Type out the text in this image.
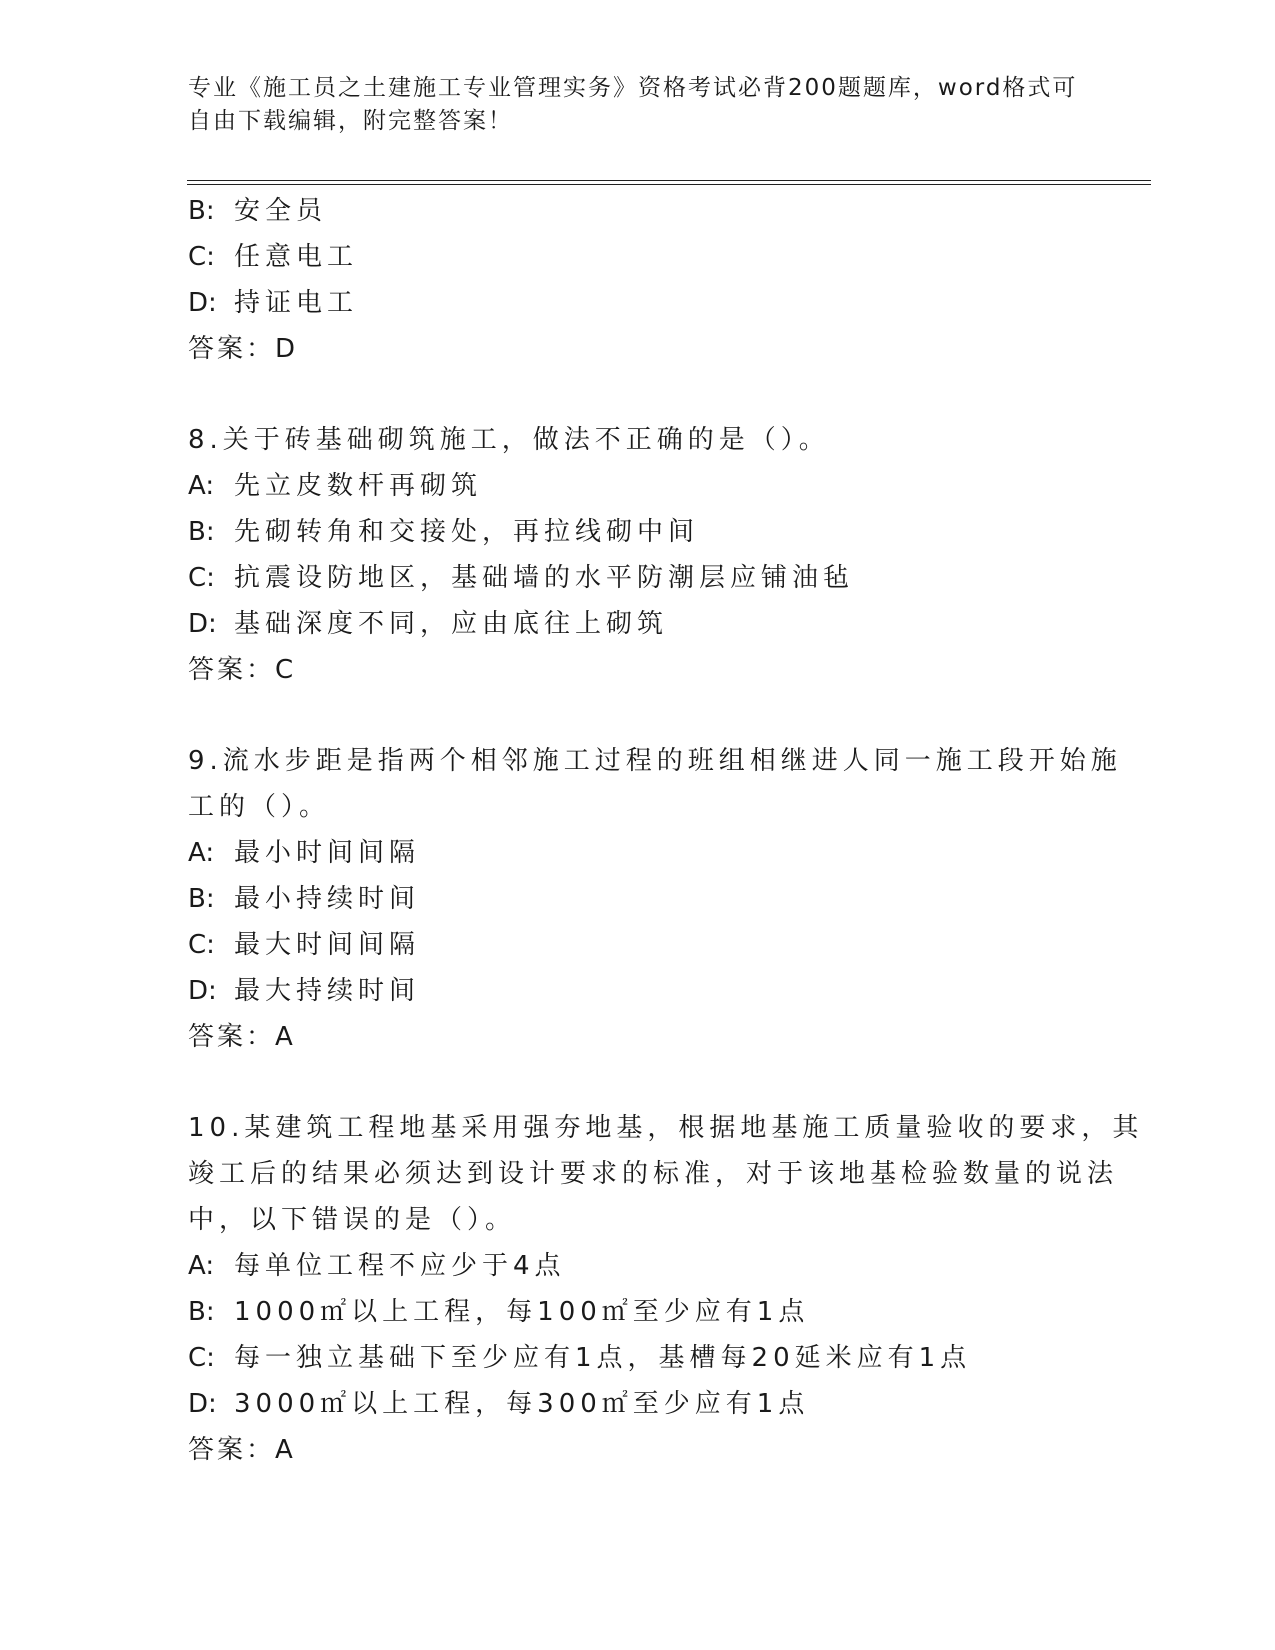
专业《施工员之土建施工专业管理实务》资格考试必背200题题库，word格式可
自由下载编辑，附完整答案！
B: 安全员
C: 任意电工
D: 持证电工
答案：D
8.关于砖基础砌筑施工，做法不正确的是（）。
A: 先立皮数杆再砌筑
B: 先砌转角和交接处，再拉线砌中间
C: 抗震设防地区，基础墙的水平防潮层应铺油毡
D: 基础深度不同，应由底往上砌筑
答案：C
9.流水步距是指两个相邻施工过程的班组相继进人同一施工段开始施
工的（）。
A: 最小时间间隔
B: 最小持续时间
C: 最大时间间隔
D: 最大持续时间
答案：A
10.某建筑工程地基采用强夯地基，根据地基施工质量验收的要求，其
竣工后的结果必须达到设计要求的标准，对于该地基检验数量的说法
中，以下错误的是（）。
A: 每单位工程不应少于4点
B: 1000㎡以上工程，每100㎡至少应有1点
C: 每一独立基础下至少应有1点，基槽每20延米应有1点
D: 3000㎡以上工程，每300㎡至少应有1点
答案：A
